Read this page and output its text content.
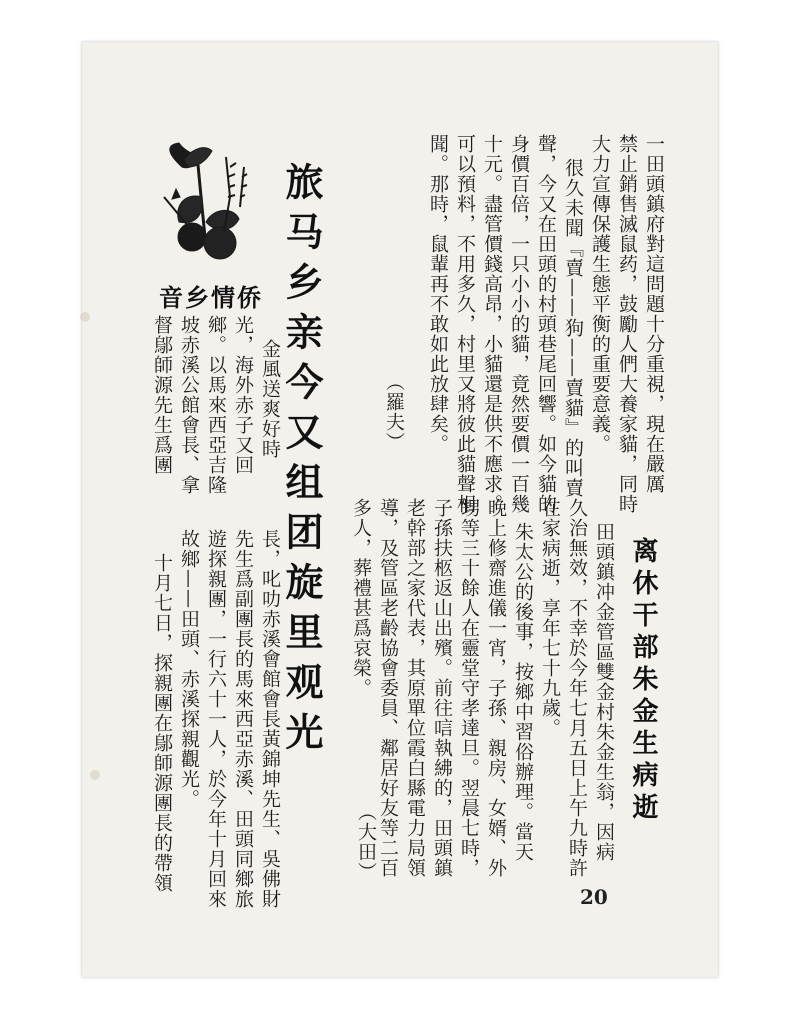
侨情乡音	一田頭鎮府對這問題十分重視，現在嚴厲
禁止銷售滅鼠药，鼓勵人們大養家貓，同時
大力宣傳保護生態平衡的重要意義。
很久未聞『賣——狗——賣貓』的叫賣
聲，今又在田頭的村頭巷尾回響。如今貓的
身價百倍，一只小小的貓，竟然要價一百幾
十元。盡管價錢高昂，小貓還是供不應求。
可以預料，不用多久，村里又將彼此貓聲相
聞。那時，鼠輩再不敢如此放肆矣。
（羅夫）
旅马乡亲今又组团旋里观光
金風送爽好時
光，海外赤子又回
鄉。以馬來西亞吉隆
坡赤溪公館會長、拿
督鄔師源先生爲團
長，叱叻赤溪會館會長黃錦坤先生、吳佛財
先生爲副團長的馬來西亞赤溪、田頭同鄉旅
遊探親團，一行六十一人，於今年十月回來
故鄉——田頭、赤溪探親觀光。
十月七日，探親團在鄔師源團長的帶領	离休干部朱金生病逝
田頭鎮冲金管區雙金村朱金生翁，因病
久治無效，不幸於今年七月五日上午九時許
在家病逝，享年七十九歲。
朱太公的後事，按鄉中習俗辦理。當天
晚上修齋進儀一宵，子孫、親房、女婿、外
甥等三十餘人在靈堂守孝達旦。翌晨七時，
子孫扶柩返山出殯。前往唁執紼的，田頭鎮
老幹部之家代表，其原單位霞白縣電力局領
導，及管區老齡協會委員、鄰居好友等二百
多人，葬禮甚爲哀榮。
（大田）
20
